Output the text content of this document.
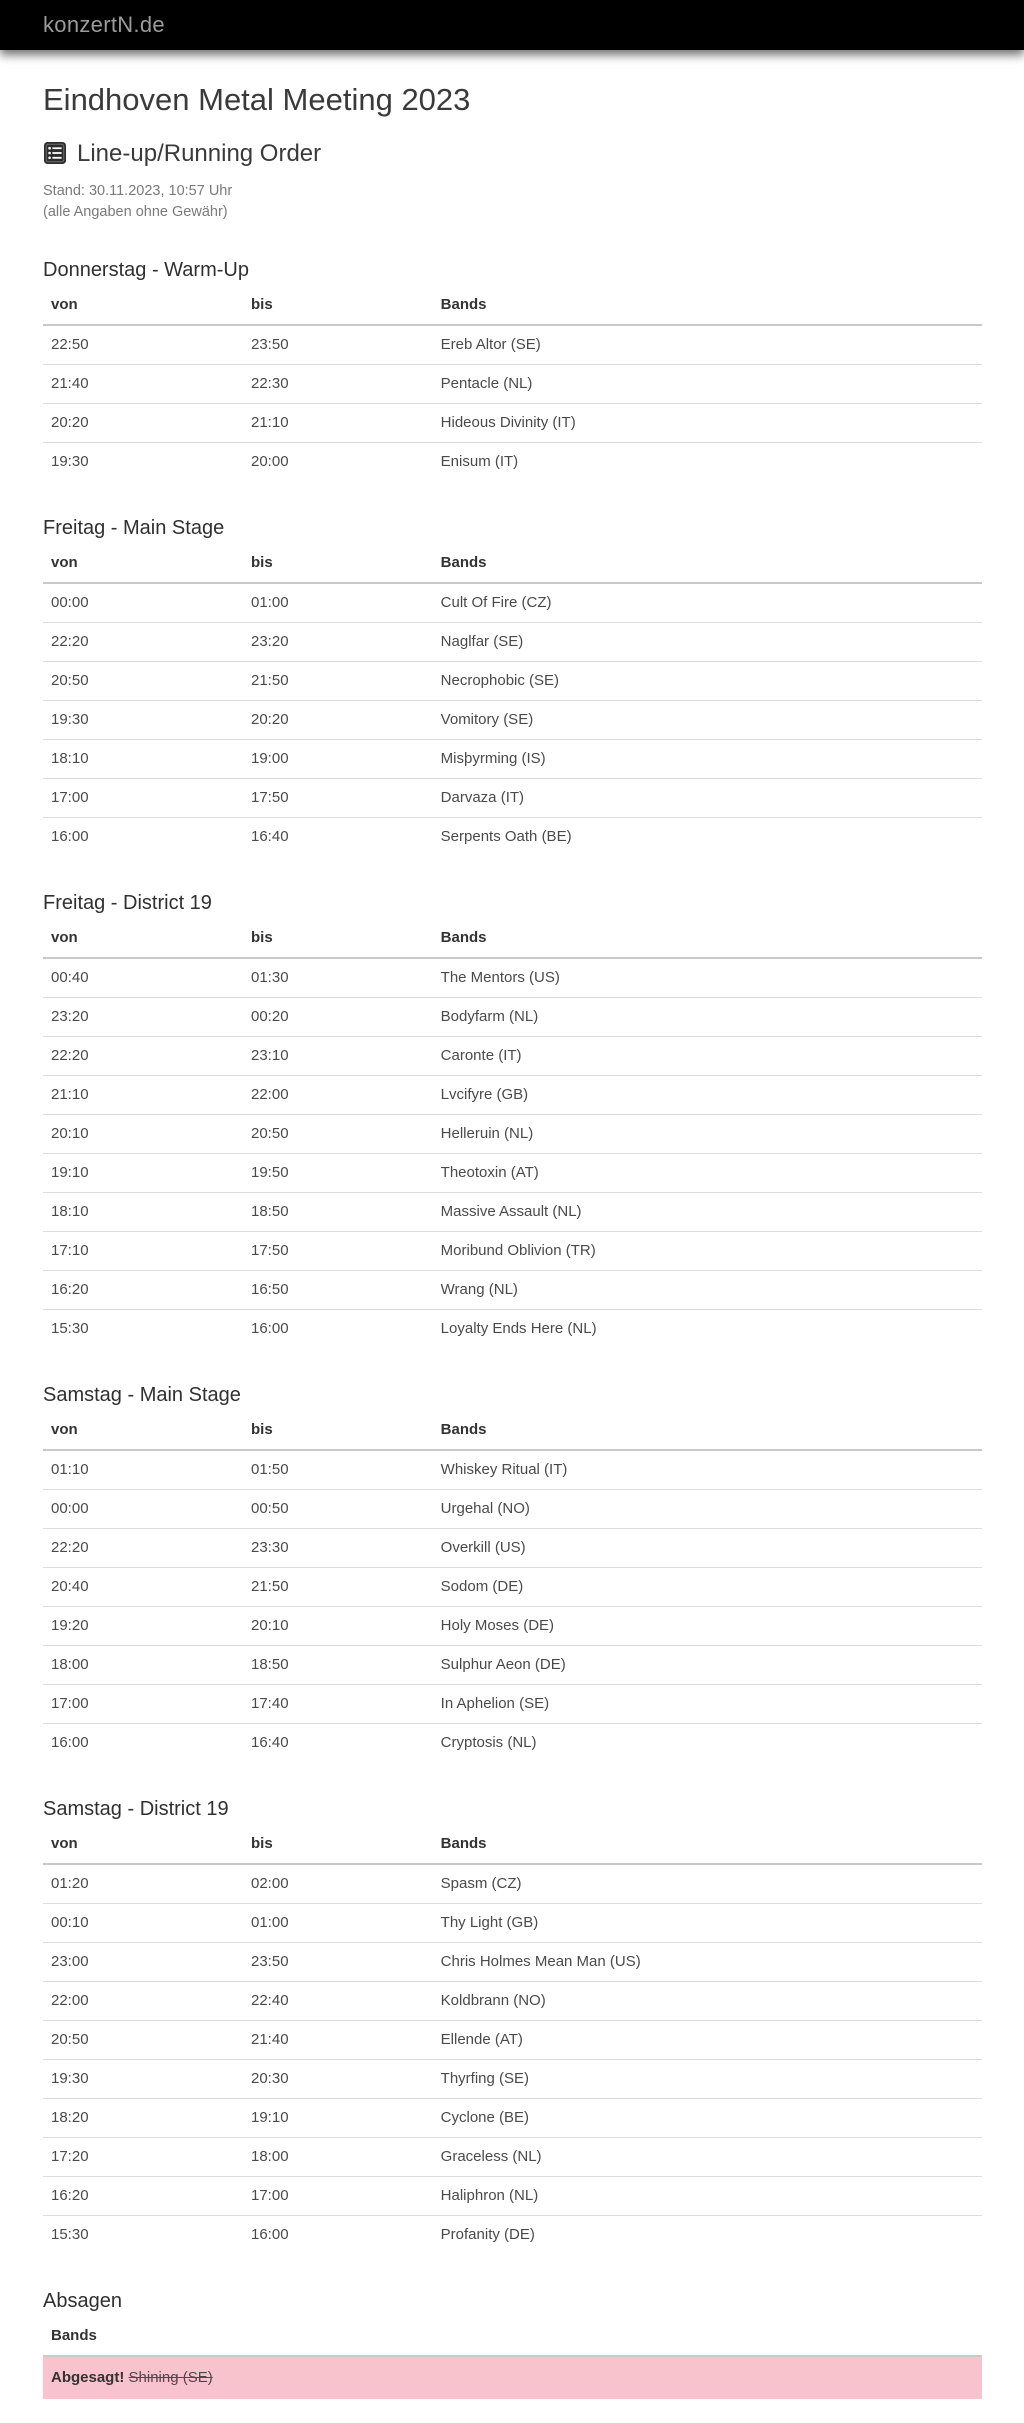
konzertN.de
Eindhoven Metal Meeting 2023
Line-up/Running Order

Stand: 30.11.2023, 10:57 Uhr

(alle Angaben ohne Gewähr)

Donnerstag - Warm-Up
von	bis	Bands
22:50	23:50	Ereb Altor (SE)
21:40	22:30	Pentacle (NL)
20:20	21:10	Hideous Divinity (IT)
19:30	20:00	Enisum (IT)
Freitag - Main Stage
von	bis	Bands
00:00	01:00	Cult Of Fire (CZ)
22:20	23:20	Naglfar (SE)
20:50	21:50	Necrophobic (SE)
19:30	20:20	Vomitory (SE)
18:10	19:00	Misþyrming (IS)
17:00	17:50	Darvaza (IT)
16:00	16:40	Serpents Oath (BE)
Freitag - District 19
von	bis	Bands
00:40	01:30	The Mentors (US)
23:20	00:20	Bodyfarm (NL)
22:20	23:10	Caronte (IT)
21:10	22:00	Lvcifyre (GB)
20:10	20:50	Helleruin (NL)
19:10	19:50	Theotoxin (AT)
18:10	18:50	Massive Assault (NL)
17:10	17:50	Moribund Oblivion (TR)
16:20	16:50	Wrang (NL)
15:30	16:00	Loyalty Ends Here (NL)
Samstag - Main Stage
von	bis	Bands
01:10	01:50	Whiskey Ritual (IT)
00:00	00:50	Urgehal (NO)
22:20	23:30	Overkill (US)
20:40	21:50	Sodom (DE)
19:20	20:10	Holy Moses (DE)
18:00	18:50	Sulphur Aeon (DE)
17:00	17:40	In Aphelion (SE)
16:00	16:40	Cryptosis (NL)
Samstag - District 19
von	bis	Bands
01:20	02:00	Spasm (CZ)
00:10	01:00	Thy Light (GB)
23:00	23:50	Chris Holmes Mean Man (US)
22:00	22:40	Koldbrann (NO)
20:50	21:40	Ellende (AT)
19:30	20:30	Thyrfing (SE)
18:20	19:10	Cyclone (BE)
17:20	18:00	Graceless (NL)
16:20	17:00	Haliphron (NL)
15:30	16:00	Profanity (DE)
Absagen
Bands
Abgesagt! Shining (SE)
